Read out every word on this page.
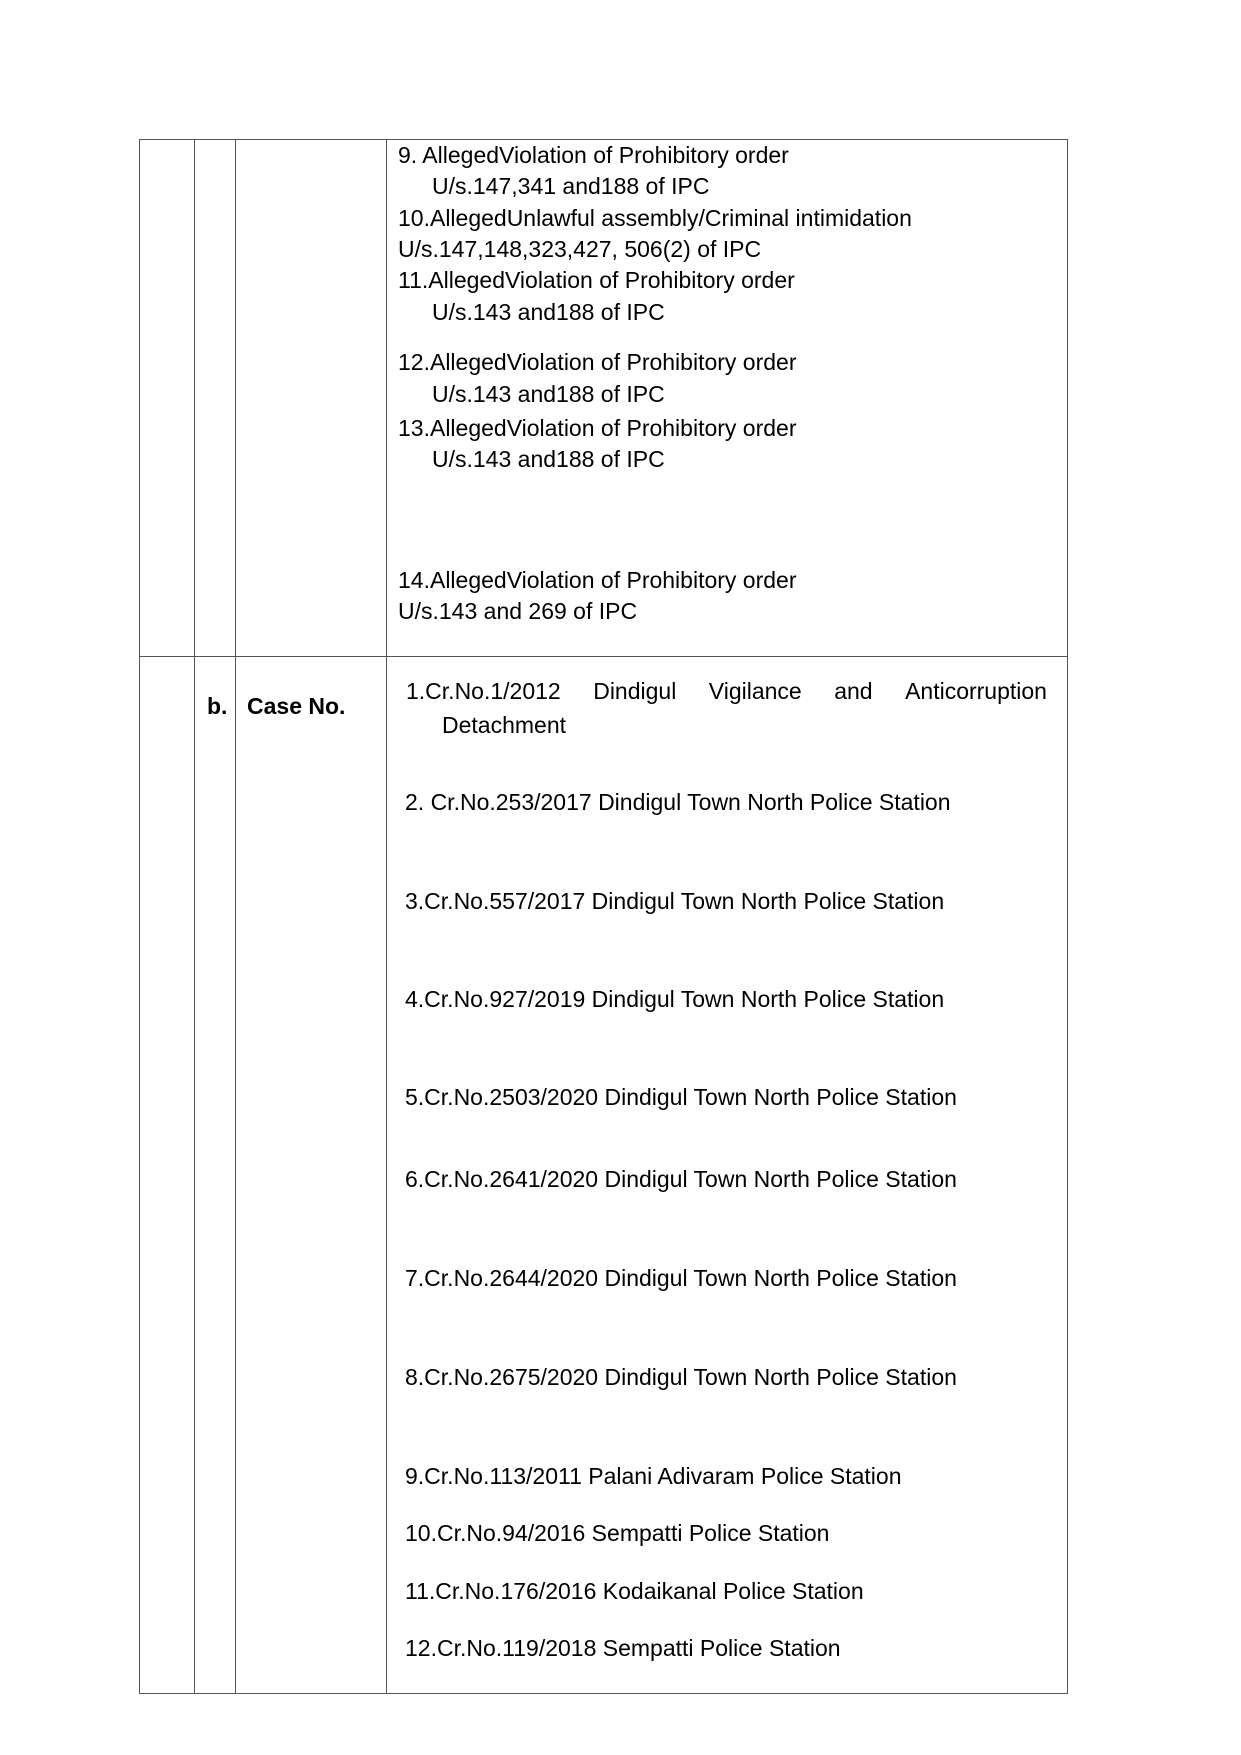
9. AllegedViolation of Prohibitory order
U/s.147,341 and188 of IPC
10.AllegedUnlawful assembly/Criminal intimidation
U/s.147,148,323,427, 506(2) of IPC
11.AllegedViolation of Prohibitory order
U/s.143 and188 of IPC
12.AllegedViolation of Prohibitory order
U/s.143 and188 of IPC
13.AllegedViolation of Prohibitory order
U/s.143 and188 of IPC
14.AllegedViolation of Prohibitory order
U/s.143 and 269 of IPC
b. Case No.
1.Cr.No.1/2012 Dindigul Vigilance and Anticorruption
Detachment
2. Cr.No.253/2017 Dindigul Town North Police Station
3.Cr.No.557/2017 Dindigul Town North Police Station
4.Cr.No.927/2019 Dindigul Town North Police Station
5.Cr.No.2503/2020 Dindigul Town North Police Station
6.Cr.No.2641/2020 Dindigul Town North Police Station
7.Cr.No.2644/2020 Dindigul Town North Police Station
8.Cr.No.2675/2020 Dindigul Town North Police Station
9.Cr.No.113/2011 Palani Adivaram Police Station
10.Cr.No.94/2016 Sempatti Police Station
11.Cr.No.176/2016 Kodaikanal Police Station
12.Cr.No.119/2018 Sempatti Police Station
